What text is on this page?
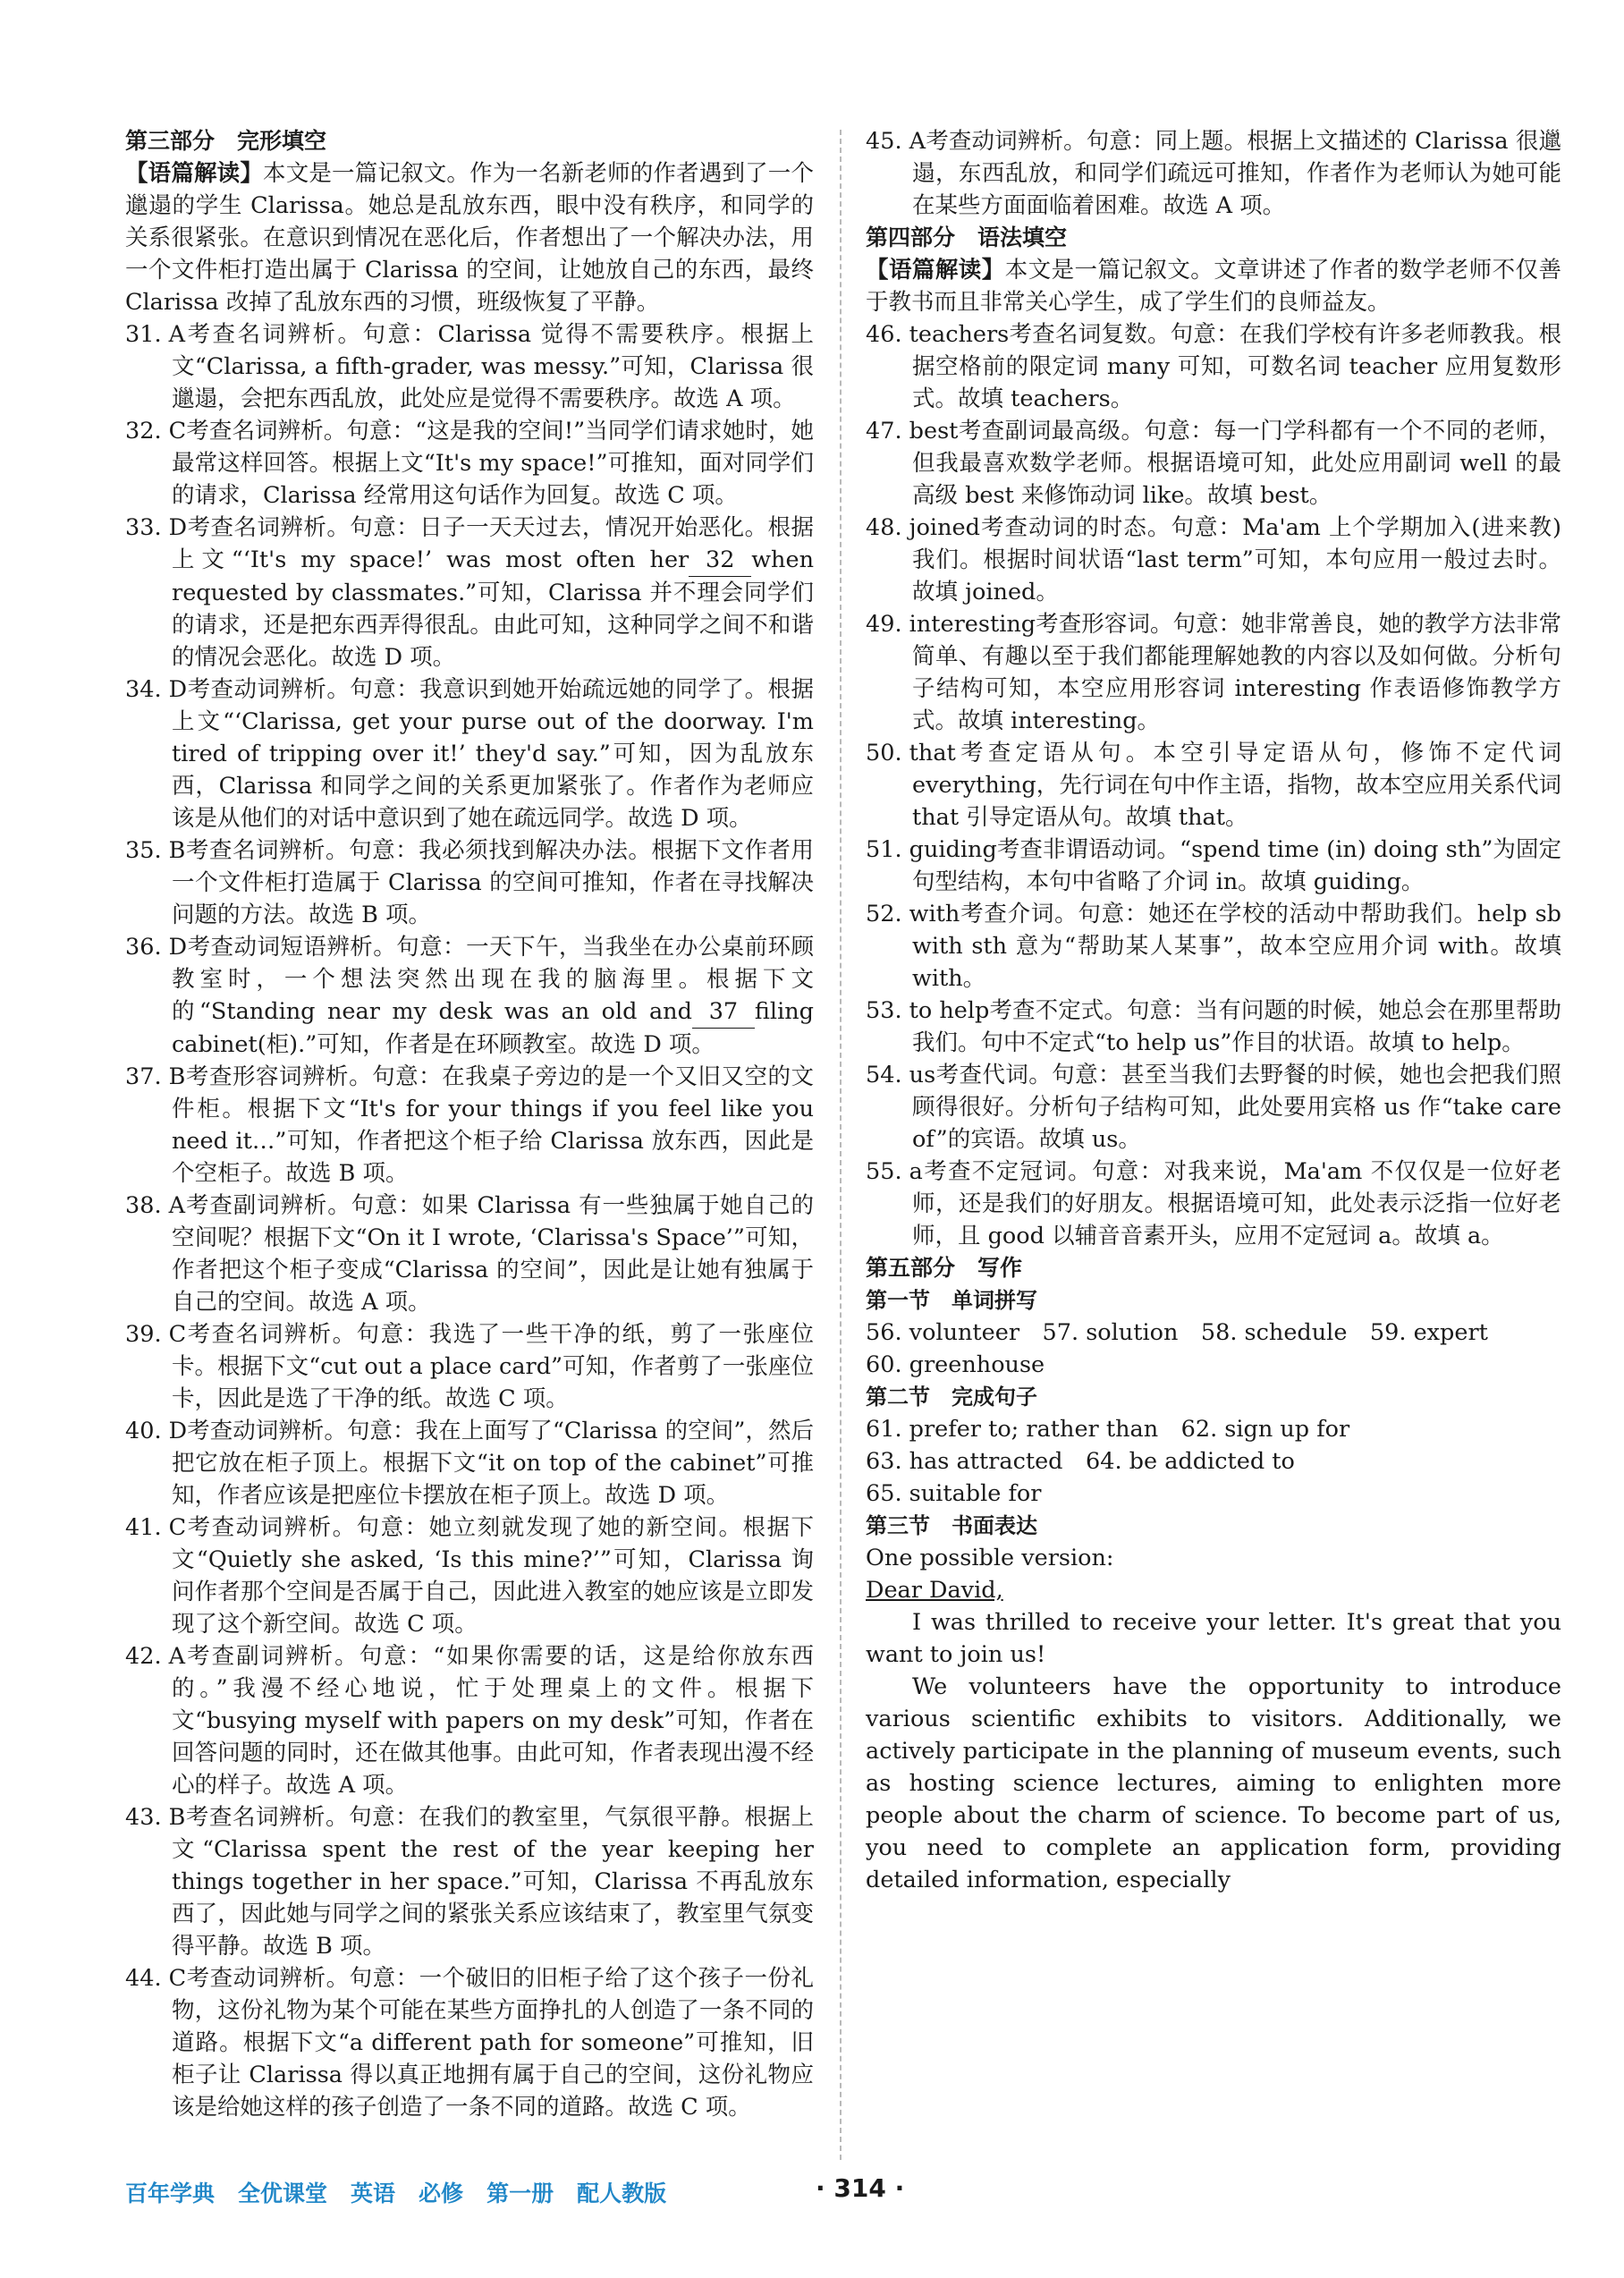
第三部分　完形填空

【语篇解读】本文是一篇记叙文。作为一名新老师的作者遇到了一个邋遢的学生 Clarissa。她总是乱放东西，眼中没有秩序，和同学的关系很紧张。在意识到情况在恶化后，作者想出了一个解决办法，用一个文件柜打造出属于 Clarissa 的空间，让她放自己的东西，最终 Clarissa 改掉了乱放东西的习惯，班级恢复了平静。

31. A考查名词辨析。句意：Clarissa 觉得不需要秩序。根据上文“Clarissa, a fifth-grader, was messy.”可知，Clarissa 很邋遢，会把东西乱放，此处应是觉得不需要秩序。故选 A 项。

32. C考查名词辨析。句意：“这是我的空间!”当同学们请求她时，她最常这样回答。根据上文“It's my space!”可推知，面对同学们的请求，Clarissa 经常用这句话作为回复。故选 C 项。

33. D考查名词辨析。句意：日子一天天过去，情况开始恶化。根据上文“‘It's my space!’ was most often her 32 when requested by classmates.”可知，Clarissa 并不理会同学们的请求，还是把东西弄得很乱。由此可知，这种同学之间不和谐的情况会恶化。故选 D 项。

34. D考查动词辨析。句意：我意识到她开始疏远她的同学了。根据上文“‘Clarissa, get your purse out of the doorway. I'm tired of tripping over it!’ they'd say.”可知，因为乱放东西，Clarissa 和同学之间的关系更加紧张了。作者作为老师应该是从他们的对话中意识到了她在疏远同学。故选 D 项。

35. B考查名词辨析。句意：我必须找到解决办法。根据下文作者用一个文件柜打造属于 Clarissa 的空间可推知，作者在寻找解决问题的方法。故选 B 项。

36. D考查动词短语辨析。句意：一天下午，当我坐在办公桌前环顾教室时，一个想法突然出现在我的脑海里。根据下文的“Standing near my desk was an old and 37 filing cabinet(柜).”可知，作者是在环顾教室。故选 D 项。

37. B考查形容词辨析。句意：在我桌子旁边的是一个又旧又空的文件柜。根据下文“It's for your things if you feel like you need it…”可知，作者把这个柜子给 Clarissa 放东西，因此是个空柜子。故选 B 项。

38. A考查副词辨析。句意：如果 Clarissa 有一些独属于她自己的空间呢？根据下文“On it I wrote, ‘Clarissa's Space’”可知，作者把这个柜子变成“Clarissa 的空间”，因此是让她有独属于自己的空间。故选 A 项。

39. C考查名词辨析。句意：我选了一些干净的纸，剪了一张座位卡。根据下文“cut out a place card”可知，作者剪了一张座位卡，因此是选了干净的纸。故选 C 项。

40. D考查动词辨析。句意：我在上面写了“Clarissa 的空间”，然后把它放在柜子顶上。根据下文“it on top of the cabinet”可推知，作者应该是把座位卡摆放在柜子顶上。故选 D 项。

41. C考查动词辨析。句意：她立刻就发现了她的新空间。根据下文“Quietly she asked, ‘Is this mine?’”可知，Clarissa 询问作者那个空间是否属于自己，因此进入教室的她应该是立即发现了这个新空间。故选 C 项。

42. A考查副词辨析。句意：“如果你需要的话，这是给你放东西的。”我漫不经心地说，忙于处理桌上的文件。根据下文“busying myself with papers on my desk”可知，作者在回答问题的同时，还在做其他事。由此可知，作者表现出漫不经心的样子。故选 A 项。

43. B考查名词辨析。句意：在我们的教室里，气氛很平静。根据上文“Clarissa spent the rest of the year keeping her things together in her space.”可知，Clarissa 不再乱放东西了，因此她与同学之间的紧张关系应该结束了，教室里气氛变得平静。故选 B 项。

44. C考查动词辨析。句意：一个破旧的旧柜子给了这个孩子一份礼物，这份礼物为某个可能在某些方面挣扎的人创造了一条不同的道路。根据下文“a different path for someone”可推知，旧柜子让 Clarissa 得以真正地拥有属于自己的空间，这份礼物应该是给她这样的孩子创造了一条不同的道路。故选 C 项。

45. A考查动词辨析。句意：同上题。根据上文描述的 Clarissa 很邋遢，东西乱放，和同学们疏远可推知，作者作为老师认为她可能在某些方面面临着困难。故选 A 项。

第四部分　语法填空

【语篇解读】本文是一篇记叙文。文章讲述了作者的数学老师不仅善于教书而且非常关心学生，成了学生们的良师益友。

46. teachers考查名词复数。句意：在我们学校有许多老师教我。根据空格前的限定词 many 可知，可数名词 teacher 应用复数形式。故填 teachers。

47. best考查副词最高级。句意：每一门学科都有一个不同的老师，但我最喜欢数学老师。根据语境可知，此处应用副词 well 的最高级 best 来修饰动词 like。故填 best。

48. joined考查动词的时态。句意：Ma'am 上个学期加入(进来教)我们。根据时间状语“last term”可知，本句应用一般过去时。故填 joined。

49. interesting考查形容词。句意：她非常善良，她的教学方法非常简单、有趣以至于我们都能理解她教的内容以及如何做。分析句子结构可知，本空应用形容词 interesting 作表语修饰教学方式。故填 interesting。

50. that考查定语从句。本空引导定语从句，修饰不定代词 everything，先行词在句中作主语，指物，故本空应用关系代词 that 引导定语从句。故填 that。

51. guiding考查非谓语动词。“spend time (in) doing sth”为固定句型结构，本句中省略了介词 in。故填 guiding。

52. with考查介词。句意：她还在学校的活动中帮助我们。help sb with sth 意为“帮助某人某事”，故本空应用介词 with。故填 with。

53. to help考查不定式。句意：当有问题的时候，她总会在那里帮助我们。句中不定式“to help us”作目的状语。故填 to help。

54. us考查代词。句意：甚至当我们去野餐的时候，她也会把我们照顾得很好。分析句子结构可知，此处要用宾格 us 作“take care of”的宾语。故填 us。

55. a考查不定冠词。句意：对我来说，Ma'am 不仅仅是一位好老师，还是我们的好朋友。根据语境可知，此处表示泛指一位好老师，且 good 以辅音音素开头，应用不定冠词 a。故填 a。

第五部分　写作

第一节　单词拼写

56. volunteer　57. solution　58. schedule　59. expert

60. greenhouse

第二节　完成句子

61. prefer to; rather than　62. sign up for

63. has attracted　64. be addicted to

65. suitable for

第三节　书面表达

One possible version:

Dear David,

I was thrilled to receive your letter. It's great that you want to join us!

We volunteers have the opportunity to introduce various scientific exhibits to visitors. Additionally, we actively participate in the planning of museum events, such as hosting science lectures, aiming to enlighten more people about the charm of science. To become part of us, you need to complete an application form, providing detailed information, especially

百年学典 全优课堂 英语 必修 第一册 配人教版	· 314 ·
